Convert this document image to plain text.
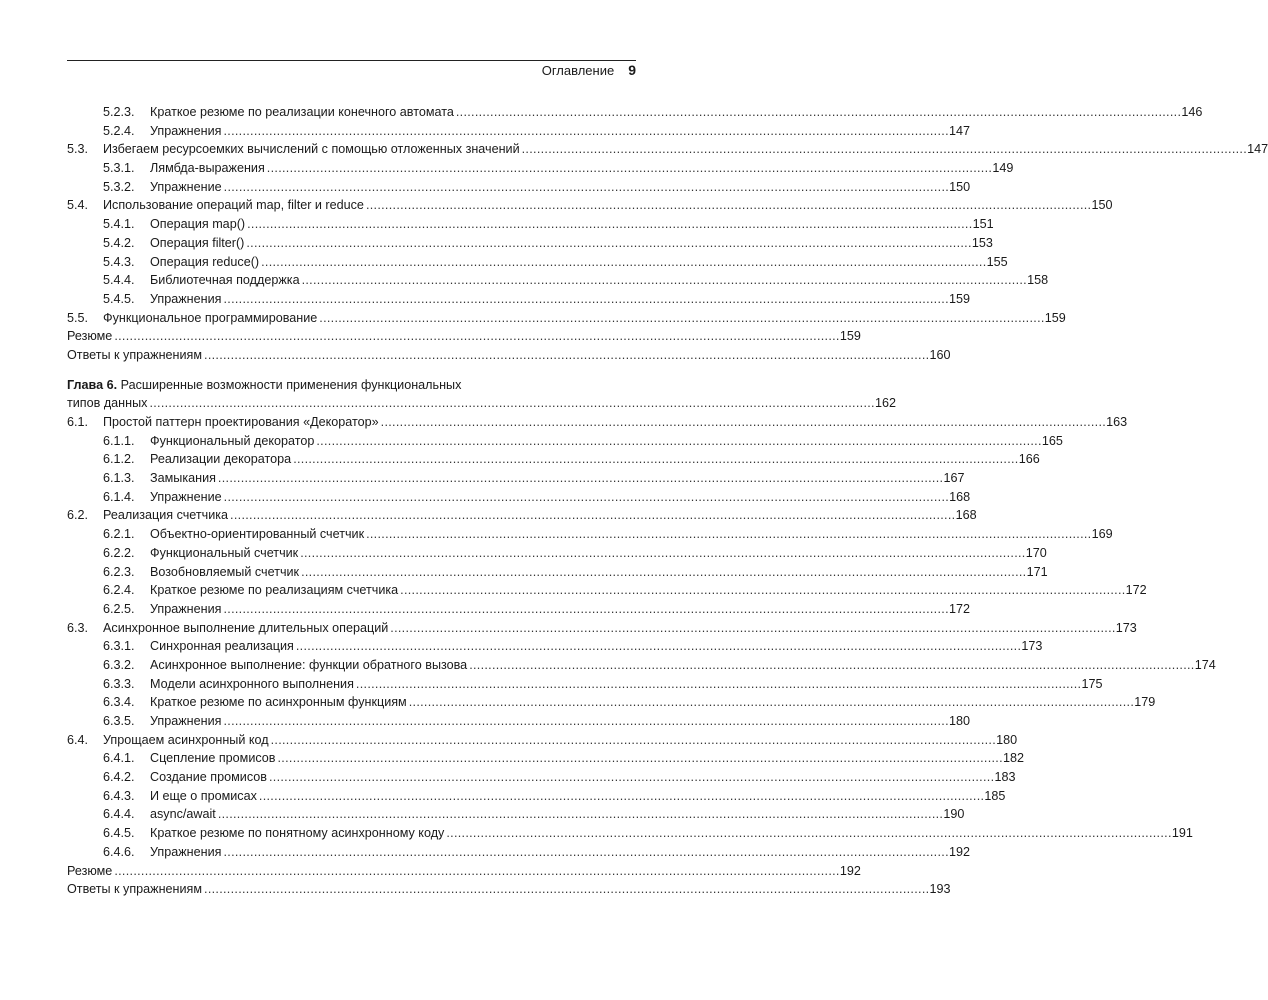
Оглавление 9
5.2.3.	Краткое резюме по реализации конечного автомата . . .	146
5.2.4.	Упражнения . . .	147
5.3.	Избегаем ресурсоемких вычислений с помощью отложенных значений . . .	147
5.3.1.	Лямбда-выражения . . .	149
5.3.2.	Упражнение . . .	150
5.4.	Использование операций map, filter и reduce . . .	150
5.4.1.	Операция map() . . .	151
5.4.2.	Операция filter() . . .	153
5.4.3.	Операция reduce() . . .	155
5.4.4.	Библиотечная поддержка . . .	158
5.4.5.	Упражнения . . .	159
5.5.	Функциональное программирование . . .	159
Резюме . . .	159
Ответы к упражнениям . . .	160
Глава 6. Расширенные возможности применения функциональных
типов данных . . .	162
6.1.	Простой паттерн проектирования «Декоратор» . . .	163
6.1.1.	Функциональный декоратор . . .	165
6.1.2.	Реализации декоратора . . .	166
6.1.3.	Замыкания . . .	167
6.1.4.	Упражнение . . .	168
6.2.	Реализация счетчика . . .	168
6.2.1.	Объектно-ориентированный счетчик . . .	169
6.2.2.	Функциональный счетчик . . .	170
6.2.3.	Возобновляемый счетчик . . .	171
6.2.4.	Краткое резюме по реализациям счетчика . . .	172
6.2.5.	Упражнения . . .	172
6.3.	Асинхронное выполнение длительных операций . . .	173
6.3.1.	Синхронная реализация . . .	173
6.3.2.	Асинхронное выполнение: функции обратного вызова . . .	174
6.3.3.	Модели асинхронного выполнения . . .	175
6.3.4.	Краткое резюме по асинхронным функциям . . .	179
6.3.5.	Упражнения . . .	180
6.4.	Упрощаем асинхронный код . . .	180
6.4.1.	Сцепление промисов . . .	182
6.4.2.	Создание промисов . . .	183
6.4.3.	И еще о промисах . . .	185
6.4.4.	async/await . . .	190
6.4.5.	Краткое резюме по понятному асинхронному коду . . .	191
6.4.6.	Упражнения . . .	192
Резюме . . .	192
Ответы к упражнениям . . .	193
